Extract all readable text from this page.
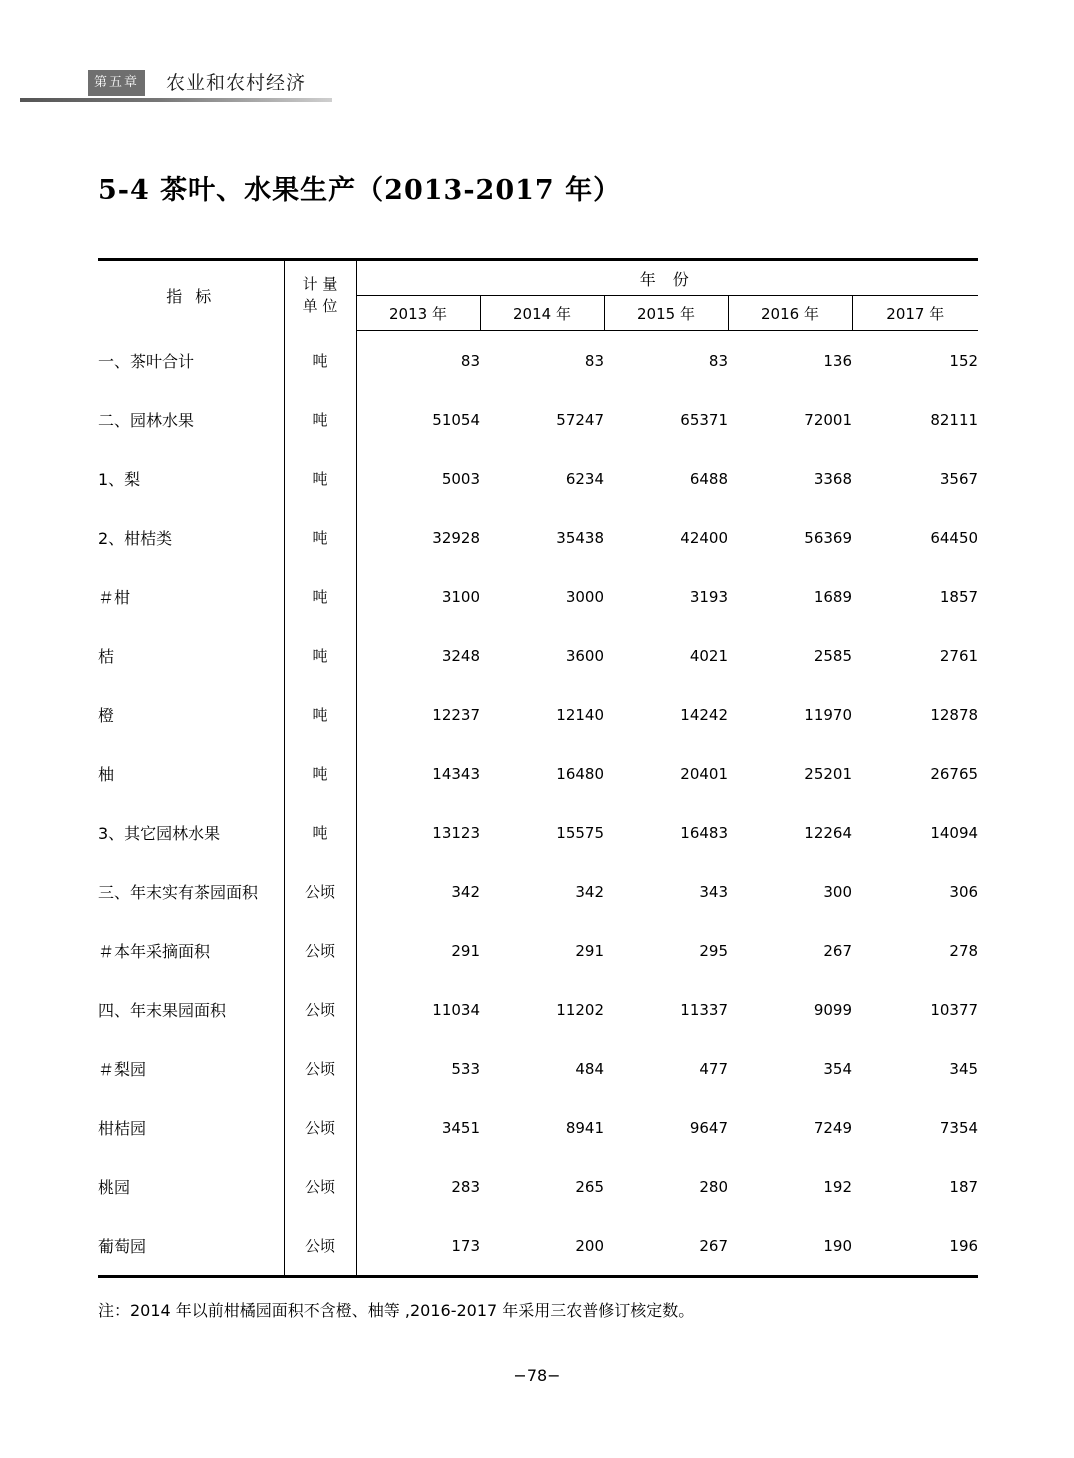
第五章	农业和农村经济
5-4 茶叶、水果生产（2013-2017 年）
指 标	计 量
单 位	年 份				
		2013 年	2014 年	2015 年	2016 年	2017 年
一、茶叶合计	吨	83	83	83	136	152
二、园林水果	吨	51054	57247	65371	72001	82111
1、梨	吨	5003	6234	6488	3368	3567
2、柑桔类	吨	32928	35438	42400	56369	64450
＃柑	吨	3100	3000	3193	1689	1857
桔	吨	3248	3600	4021	2585	2761
橙	吨	12237	12140	14242	11970	12878
柚	吨	14343	16480	20401	25201	26765
3、其它园林水果	吨	13123	15575	16483	12264	14094
三、年末实有茶园面积	公顷	342	342	343	300	306
＃本年采摘面积	公顷	291	291	295	267	278
四、年末果园面积	公顷	11034	11202	11337	9099	10377
＃梨园	公顷	533	484	477	354	345
柑桔园	公顷	3451	8941	9647	7249	7354
桃园	公顷	283	265	280	192	187
葡萄园	公顷	173	200	267	190	196
注：2014 年以前柑橘园面积不含橙、柚等 ,2016-2017 年采用三农普修订核定数。
−78−
